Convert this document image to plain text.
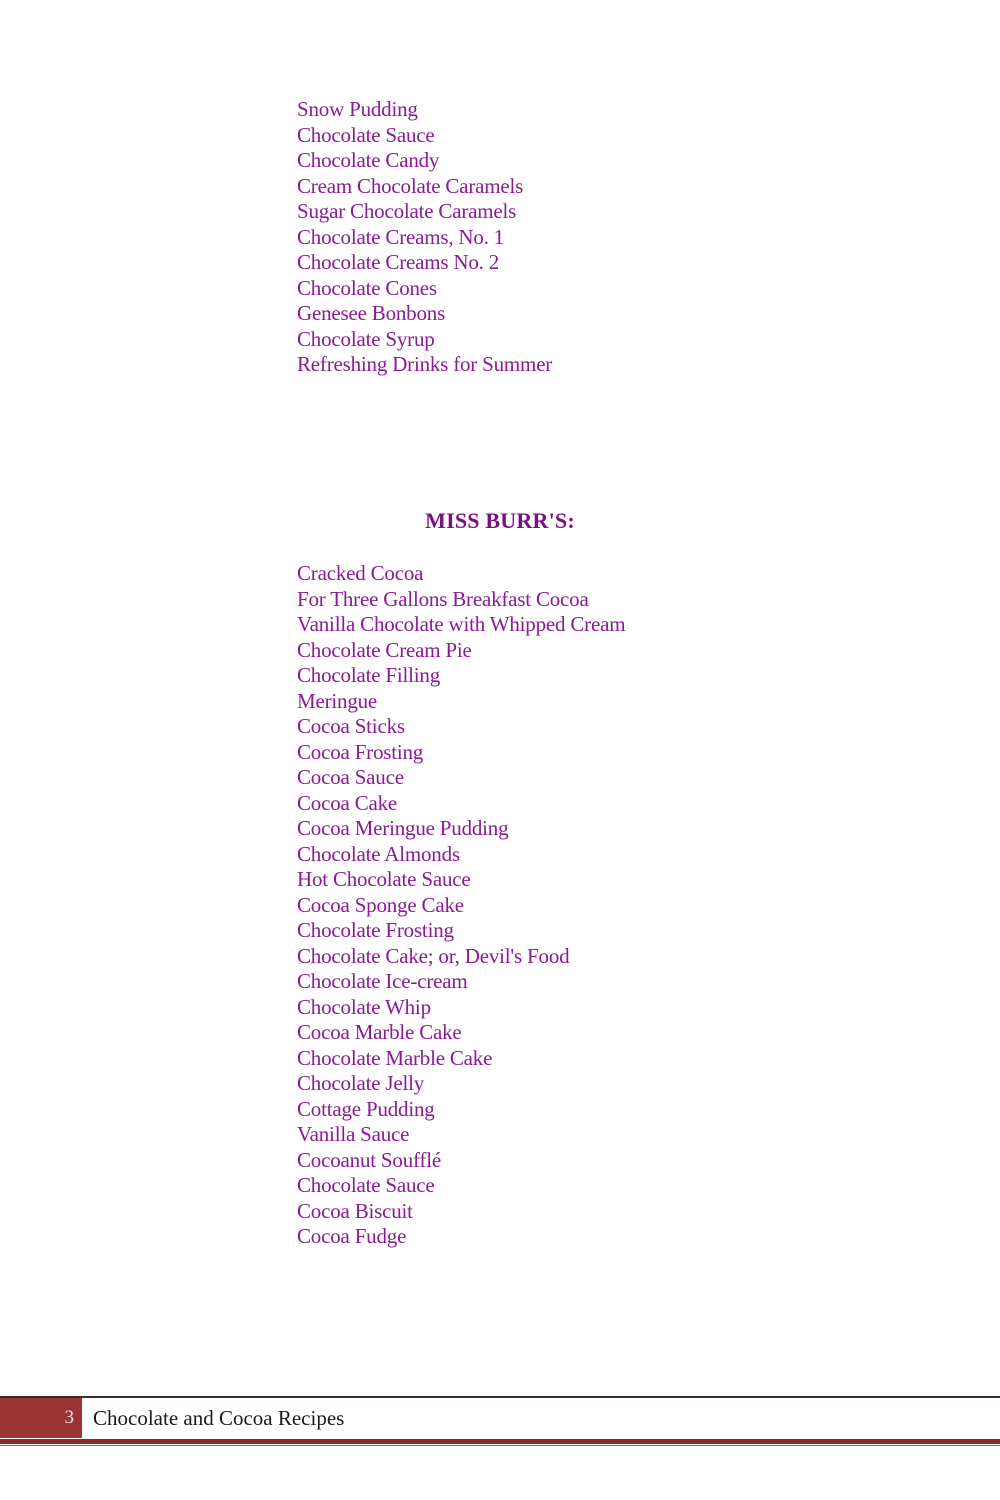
Snow Pudding
Chocolate Sauce
Chocolate Candy
Cream Chocolate Caramels
Sugar Chocolate Caramels
Chocolate Creams, No. 1
Chocolate Creams No. 2
Chocolate Cones
Genesee Bonbons
Chocolate Syrup
Refreshing Drinks for Summer
MISS BURR'S:
Cracked Cocoa
For Three Gallons Breakfast Cocoa
Vanilla Chocolate with Whipped Cream
Chocolate Cream Pie
Chocolate Filling
Meringue
Cocoa Sticks
Cocoa Frosting
Cocoa Sauce
Cocoa Cake
Cocoa Meringue Pudding
Chocolate Almonds
Hot Chocolate Sauce
Cocoa Sponge Cake
Chocolate Frosting
Chocolate Cake; or, Devil's Food
Chocolate Ice-cream
Chocolate Whip
Cocoa Marble Cake
Chocolate Marble Cake
Chocolate Jelly
Cottage Pudding
Vanilla Sauce
Cocoanut Soufflé
Chocolate Sauce
Cocoa Biscuit
Cocoa Fudge
3 Chocolate and Cocoa Recipes
